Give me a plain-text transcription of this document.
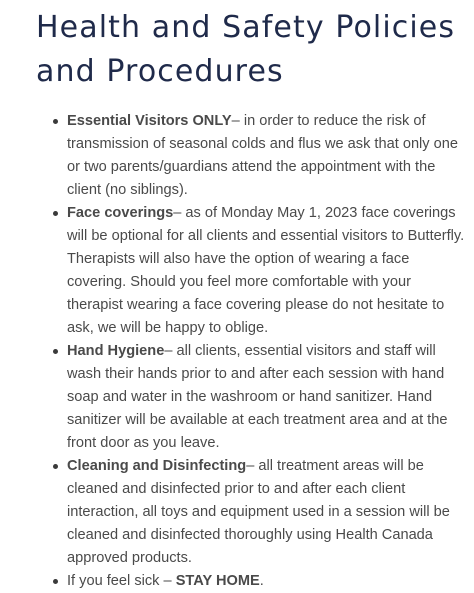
Health and Safety Policies
and Procedures
Essential Visitors ONLY– in order to reduce the risk of transmission of seasonal colds and flus we ask that only one or two parents/guardians attend the appointment with the client (no siblings).
Face coverings– as of Monday May 1, 2023 face coverings will be optional for all clients and essential visitors to Butterfly. Therapists will also have the option of wearing a face covering. Should you feel more comfortable with your therapist wearing a face covering please do not hesitate to ask, we will be happy to oblige.
Hand Hygiene– all clients, essential visitors and staff will wash their hands prior to and after each session with hand soap and water in the washroom or hand sanitizer. Hand sanitizer will be available at each treatment area and at the front door as you leave.
Cleaning and Disinfecting– all treatment areas will be cleaned and disinfected prior to and after each client interaction, all toys and equipment used in a session will be cleaned and disinfected thoroughly using Health Canada approved products.
If you feel sick – STAY HOME.
